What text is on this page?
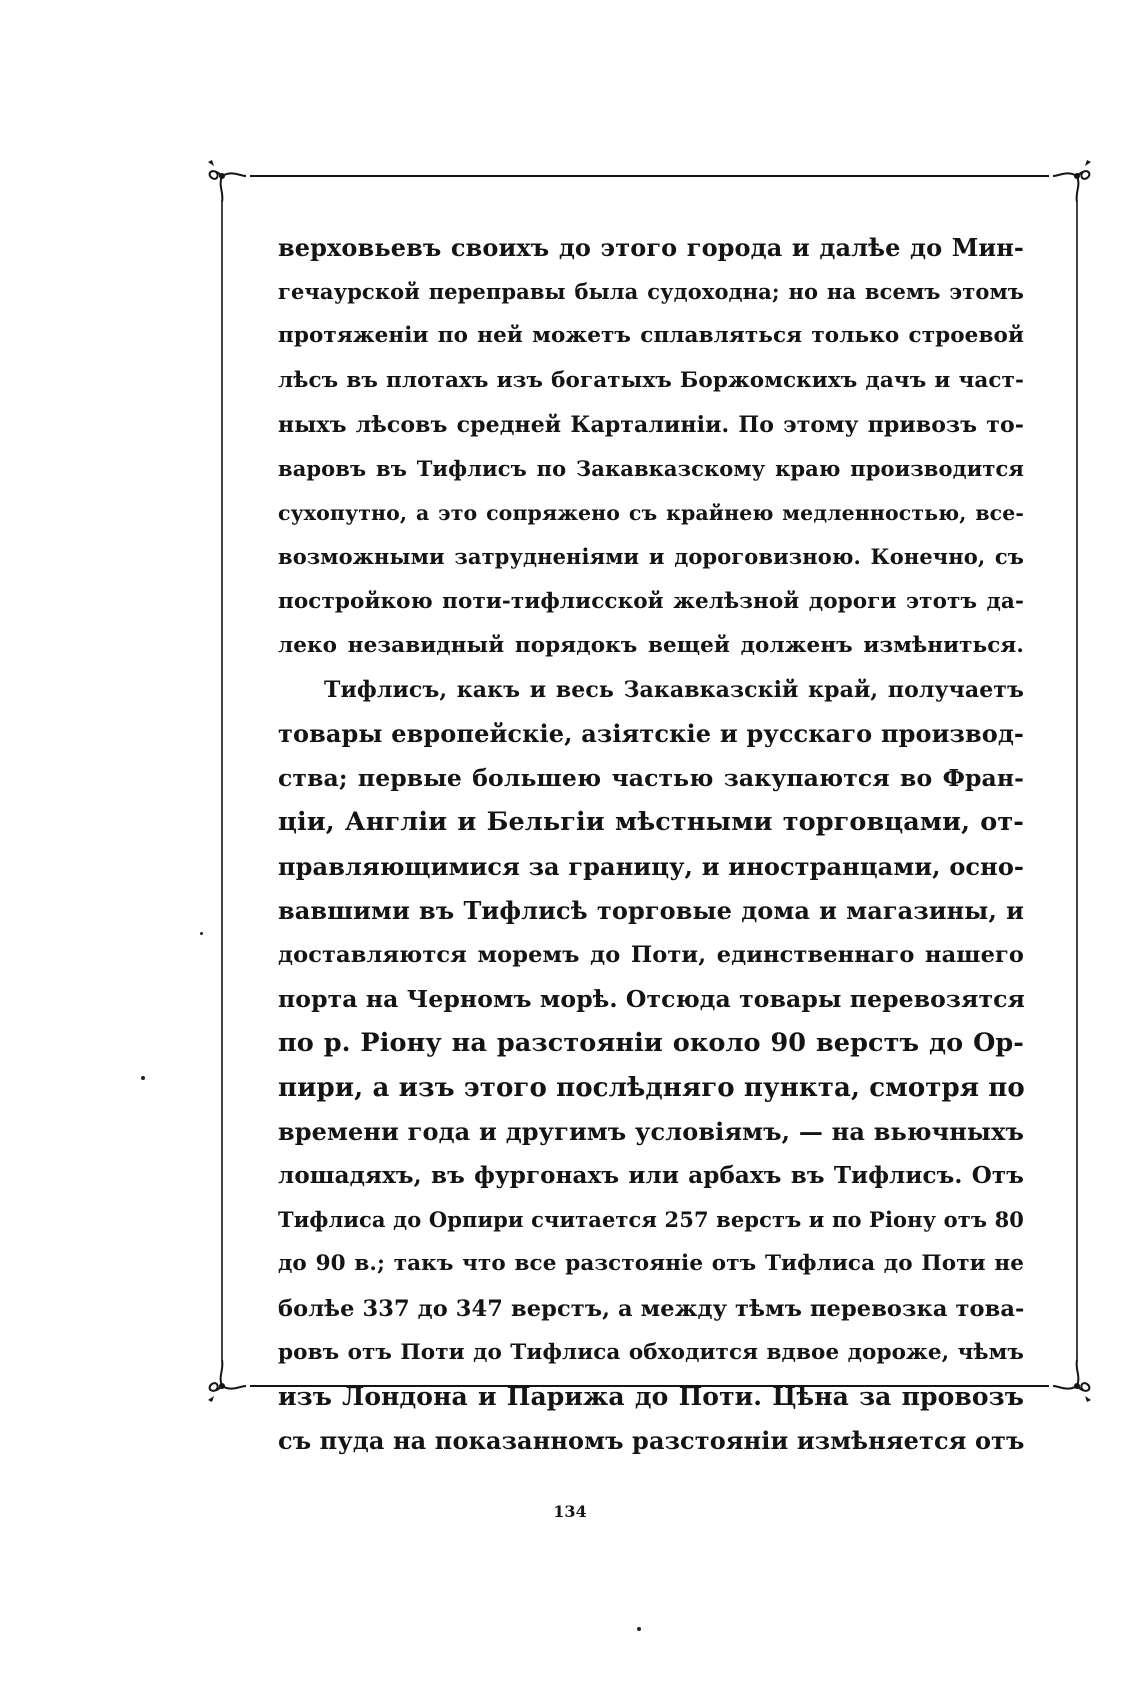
верховьевъ своихъ до этого города и далѣе до Мин-
гечаурской переправы была судоходна; но на всемъ этомъ
протяженіи по ней можетъ сплавляться только строевой
лѣсъ въ плотахъ изъ богатыхъ Боржомскихъ дачъ и част-
ныхъ лѣсовъ средней Карталиніи. По этому привозъ то-
варовъ въ Тифлисъ по Закавказскому краю производится
сухопутно, а это сопряжено съ крайнею медленностью, все-
возможными затрудненіями и дороговизною. Конечно, съ
постройкою поти-тифлисской желѣзной дороги этотъ да-
леко незавидный порядокъ вещей долженъ измѣниться.
Тифлисъ, какъ и весь Закавказскій край, получаетъ
товары европейскіе, азіятскіе и русскаго производ-
ства; первые большею частью закупаются во Фран-
ціи, Англіи и Бельгіи мѣстными торговцами, от-
правляющимися за границу, и иностранцами, осно-
вавшими въ Тифлисѣ торговые дома и магазины, и
доставляются моремъ до Поти, единственнаго нашего
порта на Черномъ морѣ. Отсюда товары перевозятся
по р. Ріону на разстояніи около 90 верстъ до Ор-
пири, а изъ этого послѣдняго пункта, смотря по
времени года и другимъ условіямъ, — на вьючныхъ
лошадяхъ, въ фургонахъ или арбахъ въ Тифлисъ. Отъ
Тифлиса до Орпири считается 257 верстъ и по Ріону отъ 80
до 90 в.; такъ что все разстояніе отъ Тифлиса до Поти не
болѣе 337 до 347 верстъ, а между тѣмъ перевозка това-
ровъ отъ Поти до Тифлиса обходится вдвое дороже, чѣмъ
изъ Лондона и Парижа до Поти. Цѣна за провозъ
съ пуда на показанномъ разстояніи измѣняется отъ
134
